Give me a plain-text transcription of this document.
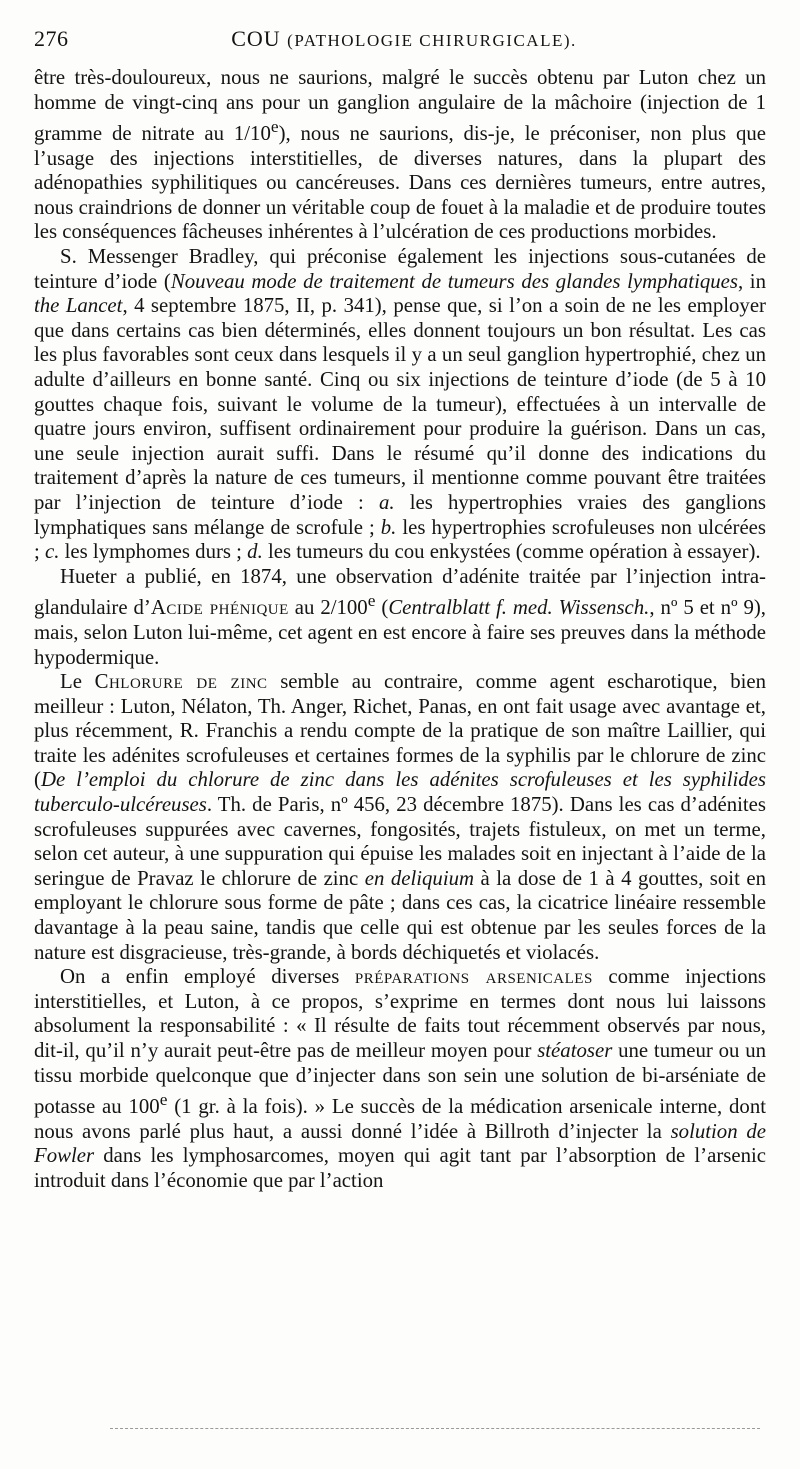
276	COU (PATHOLOGIE CHIRURGICALE).

être très-douloureux, nous ne saurions, malgré le succès obtenu par Luton chez un homme de vingt-cinq ans pour un ganglion angulaire de la mâchoire (injection de 1 gramme de nitrate au 1/10e), nous ne saurions, dis-je, le préconiser, non plus que l’usage des injections interstitielles, de diverses natures, dans la plupart des adénopathies syphilitiques ou cancéreuses. Dans ces dernières tumeurs, entre autres, nous craindrions de donner un véritable coup de fouet à la maladie et de produire toutes les conséquences fâcheuses inhérentes à l’ulcération de ces productions morbides.

S. Messenger Bradley, qui préconise également les injections sous-cutanées de teinture d’iode (Nouveau mode de traitement de tumeurs des glandes lymphatiques, in the Lancet, 4 septembre 1875, II, p. 341), pense que, si l’on a soin de ne les employer que dans certains cas bien déterminés, elles donnent toujours un bon résultat. Les cas les plus favorables sont ceux dans lesquels il y a un seul ganglion hypertrophié, chez un adulte d’ailleurs en bonne santé. Cinq ou six injections de teinture d’iode (de 5 à 10 gouttes chaque fois, suivant le volume de la tumeur), effectuées à un intervalle de quatre jours environ, suffisent ordinairement pour produire la guérison. Dans un cas, une seule injection aurait suffi. Dans le résumé qu’il donne des indications du traitement d’après la nature de ces tumeurs, il mentionne comme pouvant être traitées par l’injection de teinture d’iode : a. les hypertrophies vraies des ganglions lymphatiques sans mélange de scrofule ; b. les hypertrophies scrofuleuses non ulcérées ; c. les lymphomes durs ; d. les tumeurs du cou enkystées (comme opération à essayer).

Hueter a publié, en 1874, une observation d’adénite traitée par l’injection intra-glandulaire d’Acide phénique au 2/100e (Centralblatt f. med. Wissensch., nº 5 et nº 9), mais, selon Luton lui-même, cet agent en est encore à faire ses preuves dans la méthode hypodermique.

Le Chlorure de zinc semble au contraire, comme agent escharotique, bien meilleur : Luton, Nélaton, Th. Anger, Richet, Panas, en ont fait usage avec avantage et, plus récemment, R. Franchis a rendu compte de la pratique de son maître Laillier, qui traite les adénites scrofuleuses et certaines formes de la syphilis par le chlorure de zinc (De l’emploi du chlorure de zinc dans les adénites scrofuleuses et les syphilides tuberculo-ulcéreuses. Th. de Paris, nº 456, 23 décembre 1875). Dans les cas d’adénites scrofuleuses suppurées avec cavernes, fongosités, trajets fistuleux, on met un terme, selon cet auteur, à une suppuration qui épuise les malades soit en injectant à l’aide de la seringue de Pravaz le chlorure de zinc en deliquium à la dose de 1 à 4 gouttes, soit en employant le chlorure sous forme de pâte ; dans ces cas, la cicatrice linéaire ressemble davantage à la peau saine, tandis que celle qui est obtenue par les seules forces de la nature est disgracieuse, très-grande, à bords déchiquetés et violacés.

On a enfin employé diverses préparations arsenicales comme injections interstitielles, et Luton, à ce propos, s’exprime en termes dont nous lui laissons absolument la responsabilité : « Il résulte de faits tout récemment observés par nous, dit-il, qu’il n’y aurait peut-être pas de meilleur moyen pour stéatoser une tumeur ou un tissu morbide quelconque que d’injecter dans son sein une solution de bi-arséniate de potasse au 100e (1 gr. à la fois). » Le succès de la médication arsenicale interne, dont nous avons parlé plus haut, a aussi donné l’idée à Billroth d’injecter la solution de Fowler dans les lymphosarcomes, moyen qui agit tant par l’absorption de l’arsenic introduit dans l’économie que par l’action
